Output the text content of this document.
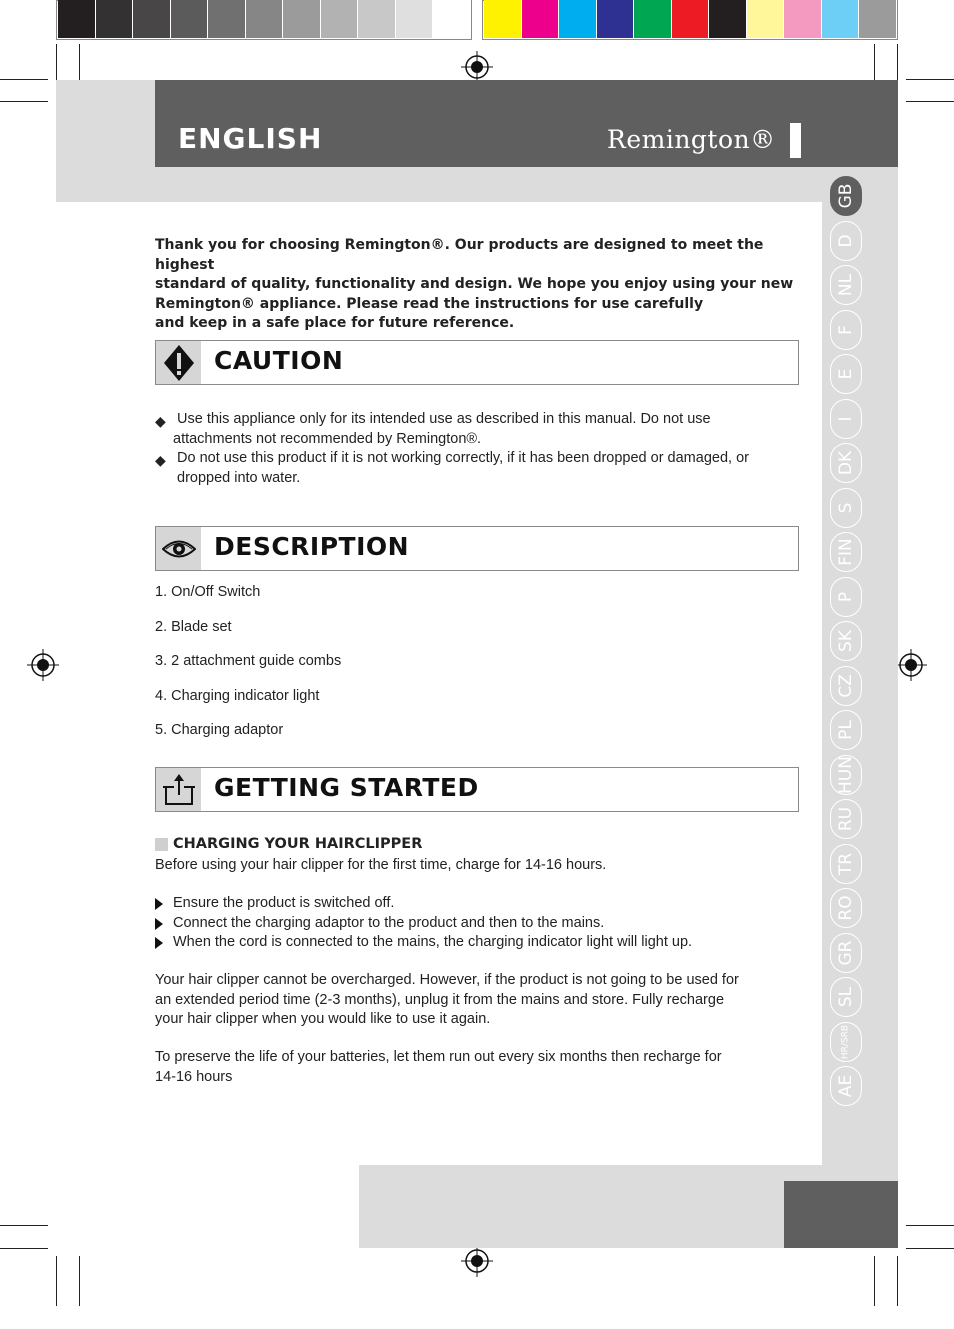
ENGLISH	Remington®
GB
D
NL
F
E
I
DK
S
FIN
P
SK
CZ
PL
HUN
RU
TR
RO
GR
SL
HR/SRB
AE
Thank you for choosing Remington®. Our products are designed to meet the highest
standard of quality, functionality and design. We hope you enjoy using your new
Remington® appliance. Please read the instructions for use carefully
and keep in a safe place for future reference.
CAUTION
◆ Use this appliance only for its intended use as described in this manual. Do not use
attachments not recommended by Remington®.
◆ Do not use this product if it is not working correctly, if it has been dropped or damaged, or
dropped into water.
DESCRIPTION
1. On/Off Switch
2. Blade set
3. 2 attachment guide combs
4. Charging indicator light
5. Charging adaptor
GETTING STARTED
CHARGING YOUR HAIRCLIPPER
Before using your hair clipper for the first time, charge for 14-16 hours.
Ensure the product is switched off.
Connect the charging adaptor to the product and then to the mains.
When the cord is connected to the mains, the charging indicator light will light up.
Your hair clipper cannot be overcharged. However, if the product is not going to be used for
an extended period time (2-3 months), unplug it from the mains and store. Fully recharge
your hair clipper when you would like to use it again.
To preserve the life of your batteries, let them run out every six months then recharge for
14-16 hours
